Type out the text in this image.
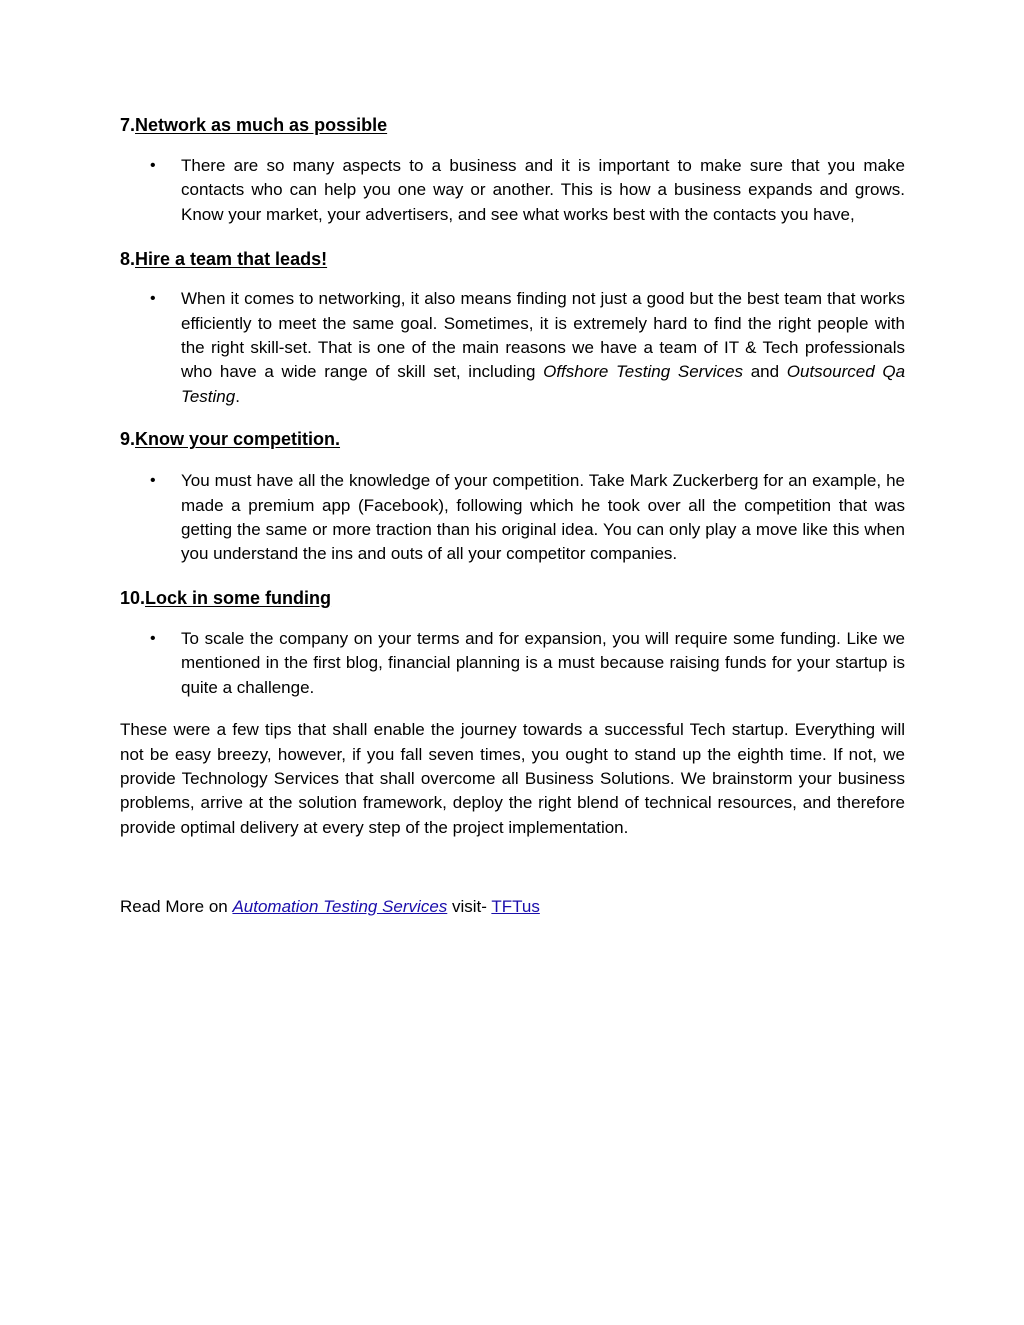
7.Network as much as possible
• There are so many aspects to a business and it is important to make sure that you make contacts who can help you one way or another. This is how a business expands and grows. Know your market, your advertisers, and see what works best with the contacts you have,
8.Hire a team that leads!
• When it comes to networking, it also means finding not just a good but the best team that works efficiently to meet the same goal. Sometimes, it is extremely hard to find the right people with the right skill-set. That is one of the main reasons we have a team of IT & Tech professionals who have a wide range of skill set, including Offshore Testing Services and Outsourced Qa Testing.
9.Know your competition.
• You must have all the knowledge of your competition. Take Mark Zuckerberg for an example, he made a premium app (Facebook), following which he took over all the competition that was getting the same or more traction than his original idea. You can only play a move like this when you understand the ins and outs of all your competitor companies.
10.Lock in some funding
• To scale the company on your terms and for expansion, you will require some funding. Like we mentioned in the first blog, financial planning is a must because raising funds for your startup is quite a challenge.

These were a few tips that shall enable the journey towards a successful Tech startup. Everything will not be easy breezy, however, if you fall seven times, you ought to stand up the eighth time. If not, we provide Technology Services that shall overcome all Business Solutions. We brainstorm your business problems, arrive at the solution framework, deploy the right blend of technical resources, and therefore provide optimal delivery at every step of the project implementation.

Read More on Automation Testing Services visit- TFTus
